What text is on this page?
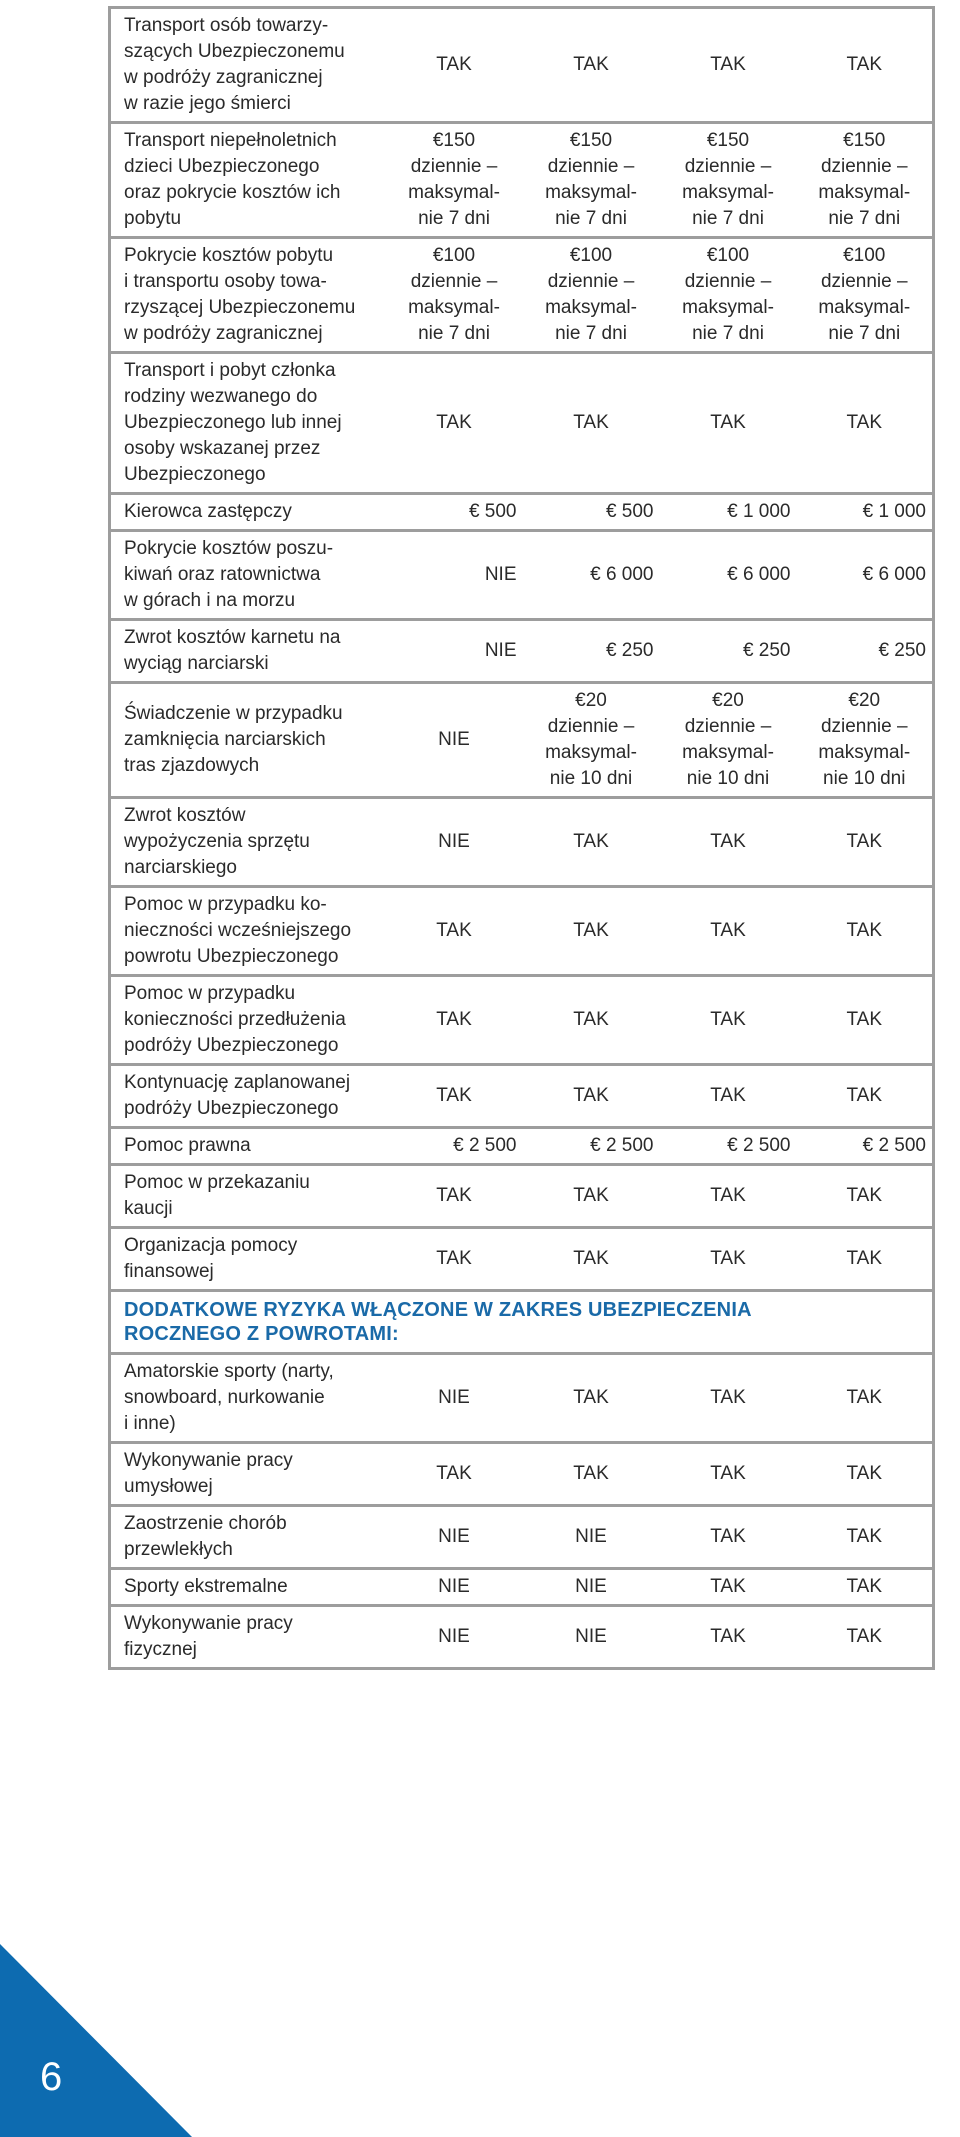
Transport osób towarzy-
szących Ubezpieczonemu
w podróży zagranicznej
w razie jego śmierci	TAK	TAK	TAK	TAK
Transport niepełnoletnich
dzieci Ubezpieczonego
oraz pokrycie kosztów ich
pobytu	€150
dziennie –
maksymal-
nie 7 dni	€150
dziennie –
maksymal-
nie 7 dni	€150
dziennie –
maksymal-
nie 7 dni	€150
dziennie –
maksymal-
nie 7 dni
Pokrycie kosztów pobytu
i transportu osoby towa-
rzyszącej Ubezpieczonemu
w podróży zagranicznej	€100
dziennie –
maksymal-
nie 7 dni	€100
dziennie –
maksymal-
nie 7 dni	€100
dziennie –
maksymal-
nie 7 dni	€100
dziennie –
maksymal-
nie 7 dni
Transport i pobyt członka
rodziny wezwanego do
Ubezpieczonego lub innej
osoby wskazanej przez
Ubezpieczonego	TAK	TAK	TAK	TAK
Kierowca zastępczy	€ 500	€ 500	€ 1 000	€ 1 000
Pokrycie kosztów poszu-
kiwań oraz ratownictwa
w górach i na morzu	NIE	€ 6 000	€ 6 000	€ 6 000
Zwrot kosztów karnetu na
wyciąg narciarski	NIE	€ 250	€ 250	€ 250
Świadczenie w przypadku
zamknięcia narciarskich
tras zjazdowych	NIE	€20
dziennie –
maksymal-
nie 10 dni	€20
dziennie –
maksymal-
nie 10 dni	€20
dziennie –
maksymal-
nie 10 dni
Zwrot kosztów
wypożyczenia sprzętu
narciarskiego	NIE	TAK	TAK	TAK
Pomoc w przypadku ko-
nieczności wcześniejszego
powrotu Ubezpieczonego	TAK	TAK	TAK	TAK
Pomoc w przypadku
konieczności przedłużenia
podróży Ubezpieczonego	TAK	TAK	TAK	TAK
Kontynuację zaplanowanej
podróży Ubezpieczonego	TAK	TAK	TAK	TAK
Pomoc prawna	€ 2 500	€ 2 500	€ 2 500	€ 2 500
Pomoc w przekazaniu
kaucji	TAK	TAK	TAK	TAK
Organizacja pomocy
finansowej	TAK	TAK	TAK	TAK
DODATKOWE RYZYKA WŁĄCZONE W ZAKRES UBEZPIECZENIA
ROCZNEGO Z POWROTAMI:				
Amatorskie sporty (narty,
snowboard, nurkowanie
i inne)	NIE	TAK	TAK	TAK
Wykonywanie pracy
umysłowej	TAK	TAK	TAK	TAK
Zaostrzenie chorób
przewlekłych	NIE	NIE	TAK	TAK
Sporty ekstremalne	NIE	NIE	TAK	TAK
Wykonywanie pracy
fizycznej	NIE	NIE	TAK	TAK
6
